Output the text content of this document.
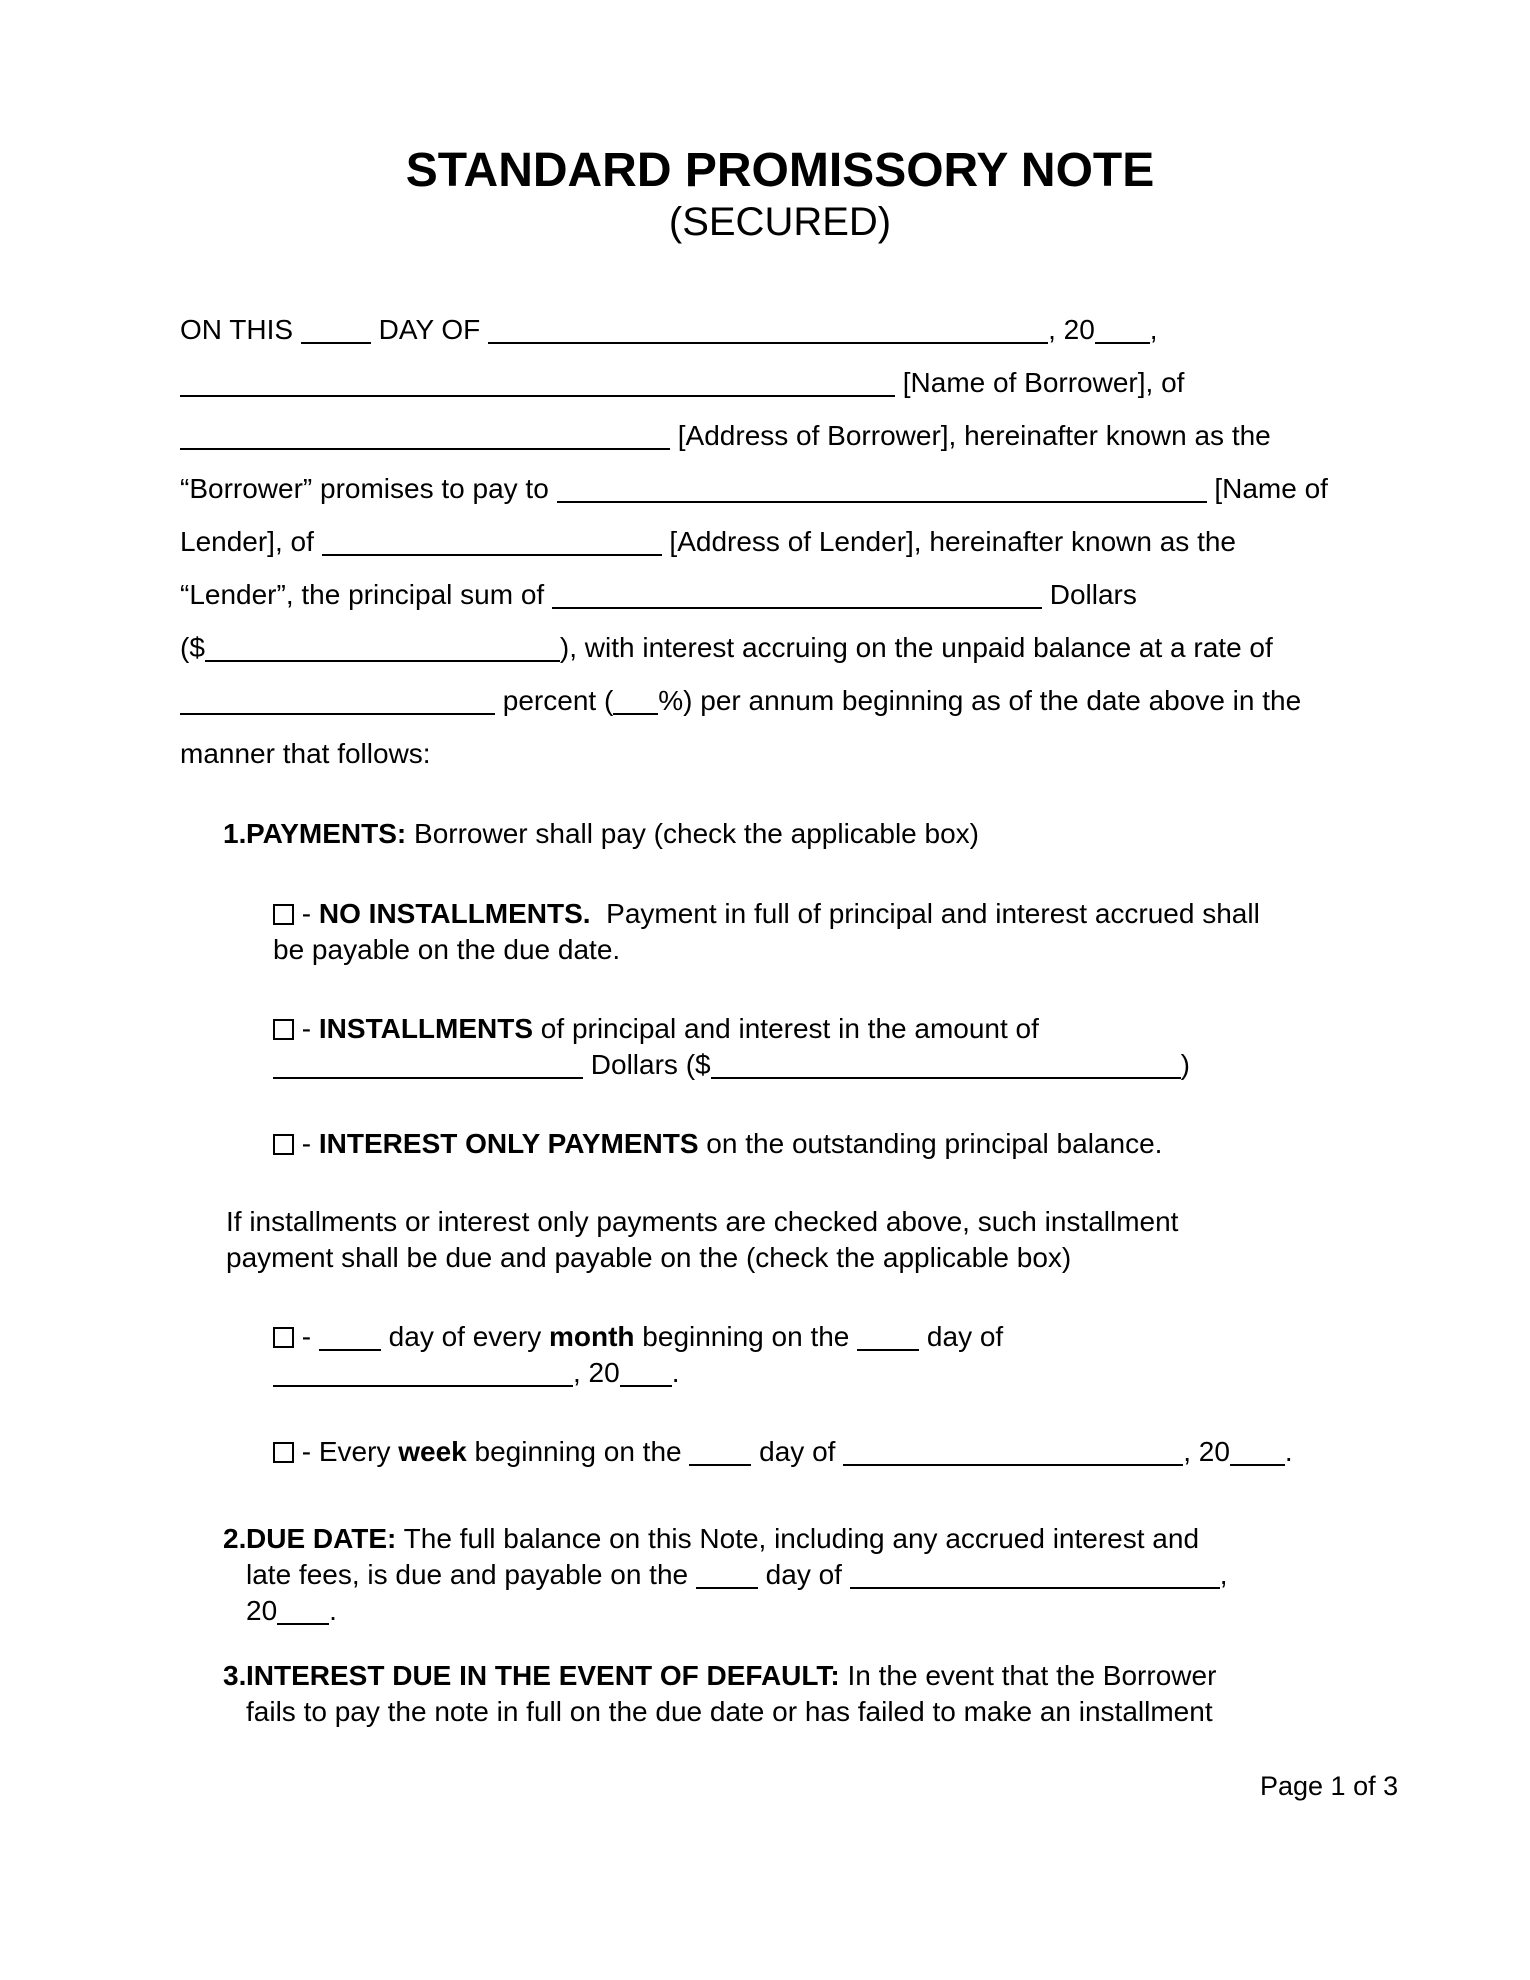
STANDARD PROMISSORY NOTE
(SECURED)
ON THIS	DAY OF	, 20 ,
[Name of Borrower], of
[Address of Borrower], hereinafter known as the
“Borrower” promises to pay to	[Name of
Lender], of	[Address of Lender], hereinafter known as the
“Lender”, the principal sum of	Dollars
($	), with interest accruing on the unpaid balance at a rate of
percent ( %) per annum beginning as of the date above in the
manner that follows:
1. PAYMENTS: Borrower shall pay (check the applicable box)
- NO INSTALLMENTS.  Payment in full of principal and interest accrued shall
be payable on the due date.
- INSTALLMENTS of principal and interest in the amount of
Dollars ($	)
- INTEREST ONLY PAYMENTS on the outstanding principal balance.
If installments or interest only payments are checked above, such installment
payment shall be due and payable on the (check the applicable box)
-  day of every month beginning on the  day of
, 20 .
- Every week beginning on the  day of	, 20 .
2. DUE DATE: The full balance on this Note, including any accrued interest and
late fees, is due and payable on the  day of	,
20 .
3. INTEREST DUE IN THE EVENT OF DEFAULT: In the event that the Borrower
fails to pay the note in full on the due date or has failed to make an installment
Page 1 of 3
